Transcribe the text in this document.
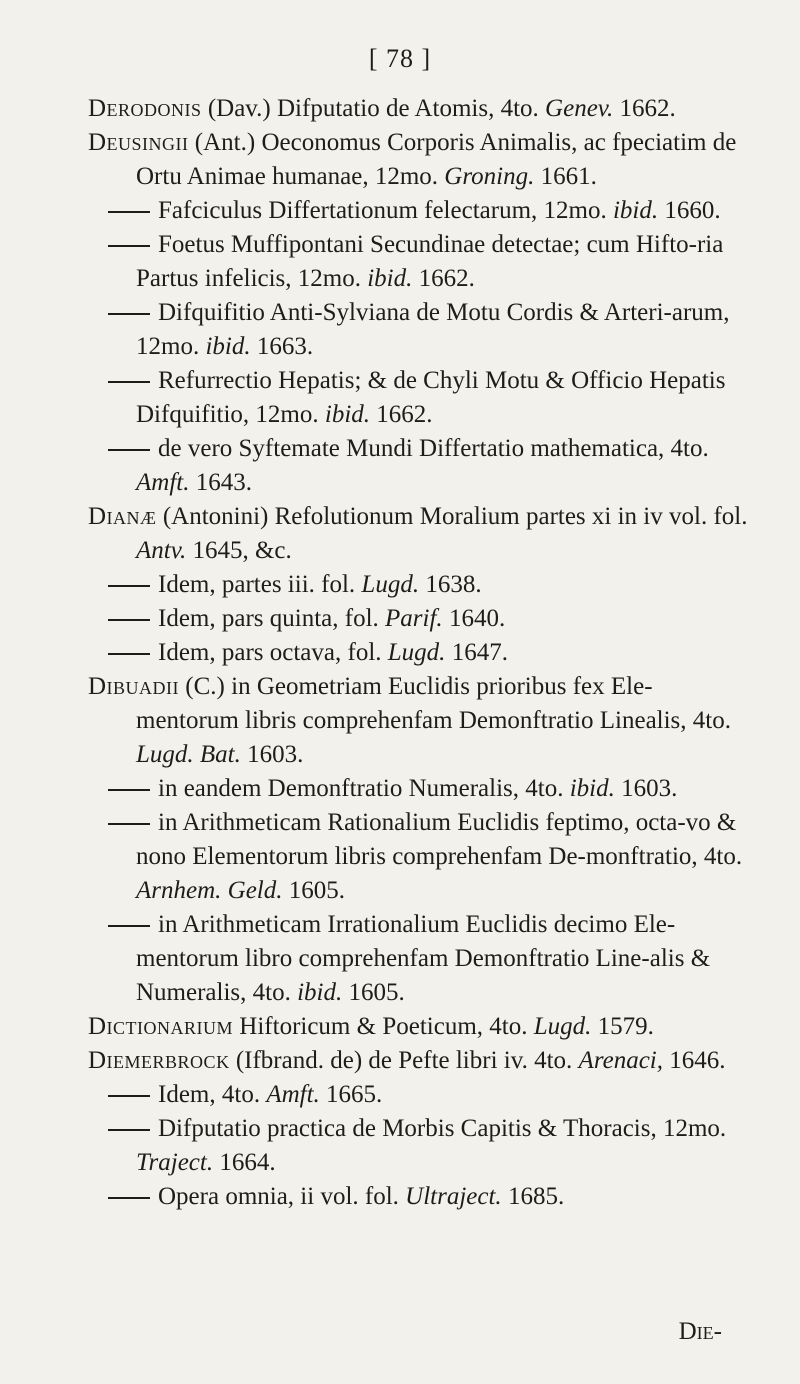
[ 78 ]

Derodonis (Dav.) Difputatio de Atomis, 4to. Genev. 1662.

Deusingii (Ant.) Oeconomus Corporis Animalis, ac fpeciatim de Ortu Animae humanae, 12mo. Groning. 1661.

Fafciculus Differtationum felectarum, 12mo. ibid. 1660.

Foetus Muffipontani Secundinae detectae; cum Hifto-ria Partus infelicis, 12mo. ibid. 1662.

Difquifitio Anti-Sylviana de Motu Cordis & Arteri-arum, 12mo. ibid. 1663.

Refurrectio Hepatis; & de Chyli Motu & Officio Hepatis Difquifitio, 12mo. ibid. 1662.

de vero Syftemate Mundi Differtatio mathematica, 4to. Amft. 1643.

Dianæ (Antonini) Refolutionum Moralium partes xi in iv vol. fol. Antv. 1645, &c.

Idem, partes iii. fol. Lugd. 1638.

Idem, pars quinta, fol. Parif. 1640.

Idem, pars octava, fol. Lugd. 1647.

Dibuadii (C.) in Geometriam Euclidis prioribus fex Ele-mentorum libris comprehenfam Demonftratio Linealis, 4to. Lugd. Bat. 1603.

in eandem Demonftratio Numeralis, 4to. ibid. 1603.

in Arithmeticam Rationalium Euclidis feptimo, octa-vo & nono Elementorum libris comprehenfam De-monftratio, 4to. Arnhem. Geld. 1605.

in Arithmeticam Irrationalium Euclidis decimo Ele-mentorum libro comprehenfam Demonftratio Line-alis & Numeralis, 4to. ibid. 1605.

Dictionarium Hiftoricum & Poeticum, 4to. Lugd. 1579.

Diemerbrock (Ifbrand. de) de Pefte libri iv. 4to. Arenaci, 1646.

Idem, 4to. Amft. 1665.

Difputatio practica de Morbis Capitis & Thoracis, 12mo. Traject. 1664.

Opera omnia, ii vol. fol. Ultraject. 1685.

Die-
